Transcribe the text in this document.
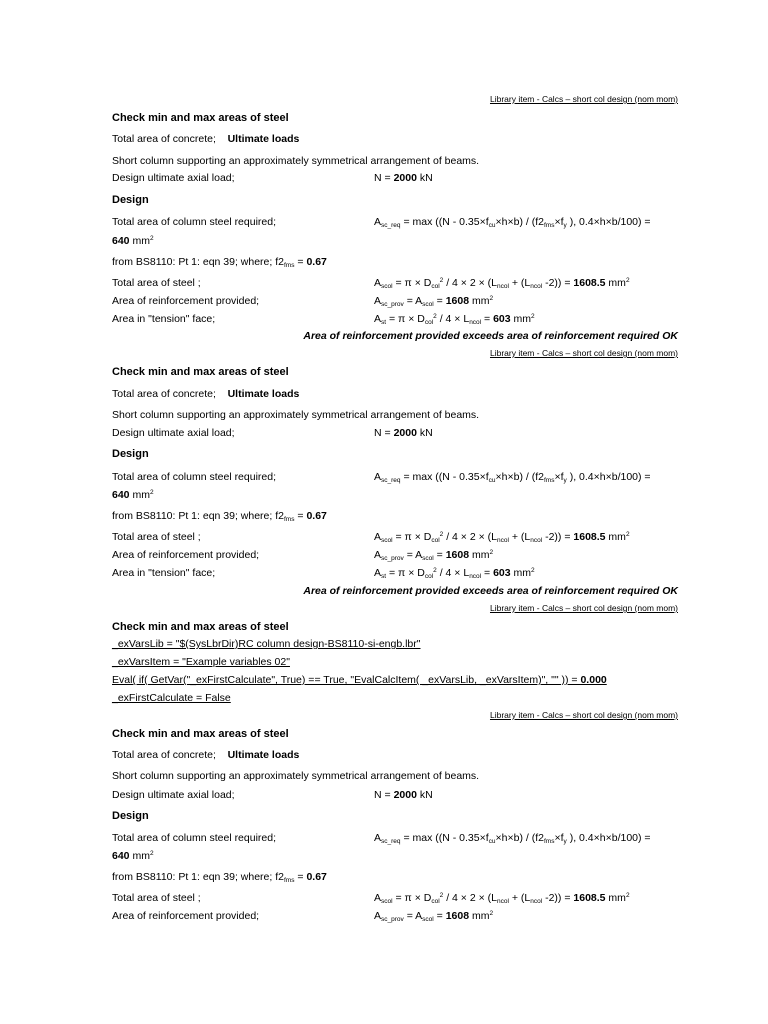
Library item - Calcs – short col design (nom mom)
Check min and max areas of steel
Total area of concrete; Ultimate loads
Short column supporting an approximately symmetrical arrangement of beams.
Design ultimate axial load;	N = 2000 kN
Design
Total area of column steel required;	$A_{sc\_req} = \max ((N - 0.35\times f_{cu}\times h\times b) / (f2_{fms}\times f_y$ ), 0.4×h×b/100) =
640 $mm^2$
from BS8110: Pt 1: eqn 39; where; $f2_{fms} = 0.67$
Total area of steel ;	$A_{scol} = \pi \times D_{col}^2 / 4 \times 2 \times (L_{ncol} + (L_{ncol}$ -2)) = 1608.5 $mm^2$
Area of reinforcement provided;	$A_{sc\_prov} = A_{scol} = 1608$ $mm^2$
Area in "tension" face;	$A_{st} = \pi \times D_{col}^2 / 4 \times L_{ncol} = 603$ $mm^2$
Area of reinforcement provided exceeds area of reinforcement required OK
Library item - Calcs – short col design (nom mom)
Check min and max areas of steel
Total area of concrete; Ultimate loads
Short column supporting an approximately symmetrical arrangement of beams.
Design ultimate axial load;	N = 2000 kN
Design
Total area of column steel required;	$A_{sc\_req} = \max ((N - 0.35\times f_{cu}\times h\times b) / (f2_{fms}\times f_y$ ), 0.4×h×b/100) =
640 $mm^2$
from BS8110: Pt 1: eqn 39; where; $f2_{fms} = 0.67$
Total area of steel ;	$A_{scol} = \pi \times D_{col}^2 / 4 \times 2 \times (L_{ncol} + (L_{ncol}$ -2)) = 1608.5 $mm^2$
Area of reinforcement provided;	$A_{sc\_prov} = A_{scol} = 1608$ $mm^2$
Area in "tension" face;	$A_{st} = \pi \times D_{col}^2 / 4 \times L_{ncol} = 603$ $mm^2$
Area of reinforcement provided exceeds area of reinforcement required OK
Library item - Calcs – short col design (nom mom)
Check min and max areas of steel
_exVarsLib = "$(SysLbrDir)RC column design-BS8110-si-engb.lbr"
_exVarsItem = "Example variables 02"
Eval( if( GetVar("_exFirstCalculate", True) == True, "EvalCalcItem( _exVarsLib, _exVarsItem)", "" )) = 0.000
_exFirstCalculate = False
Library item - Calcs – short col design (nom mom)
Check min and max areas of steel
Total area of concrete; Ultimate loads
Short column supporting an approximately symmetrical arrangement of beams.
Design ultimate axial load;	N = 2000 kN
Design
Total area of column steel required;	$A_{sc\_req} = \max ((N - 0.35\times f_{cu}\times h\times b) / (f2_{fms}\times f_y$ ), 0.4×h×b/100) =
640 $mm^2$
from BS8110: Pt 1: eqn 39; where; $f2_{fms} = 0.67$
Total area of steel ;	$A_{scol} = \pi \times D_{col}^2 / 4 \times 2 \times (L_{ncol} + (L_{ncol}$ -2)) = 1608.5 $mm^2$
Area of reinforcement provided;	$A_{sc\_prov} = A_{scol} = 1608$ $mm^2$
